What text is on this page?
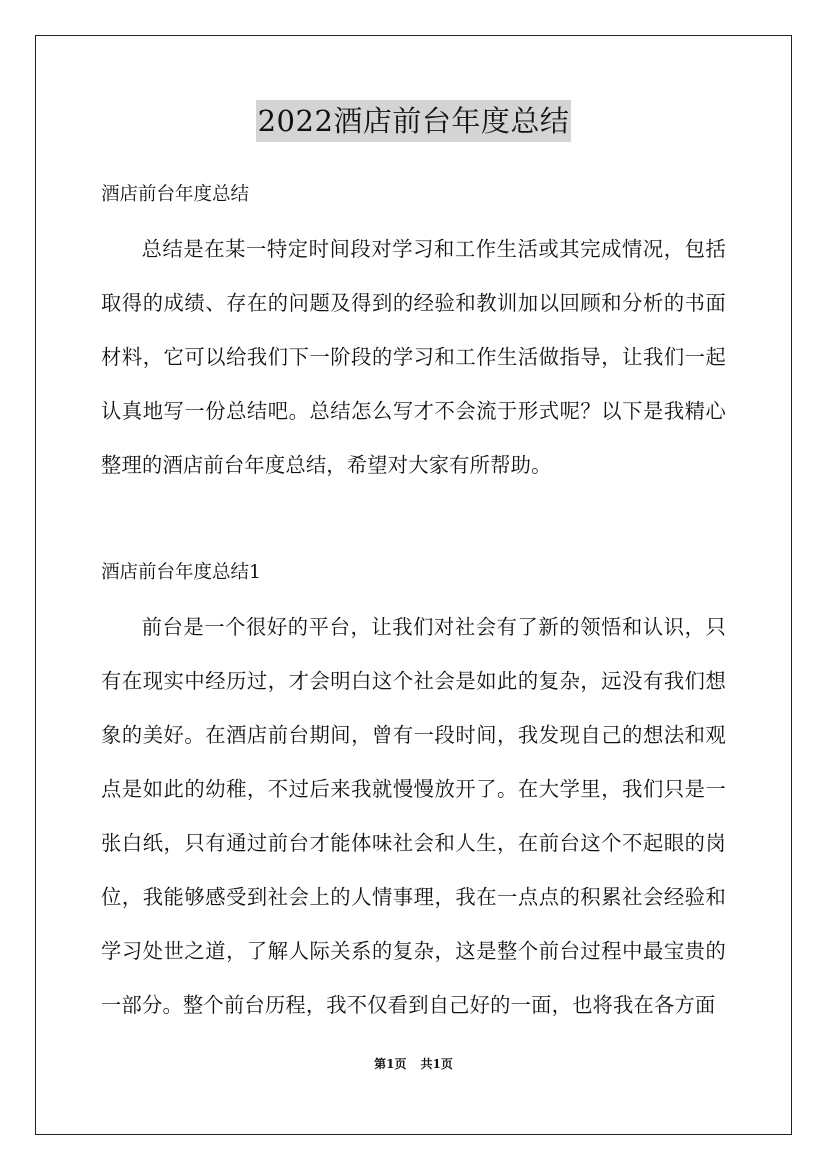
2022酒店前台年度总结

酒店前台年度总结

总结是在某一特定时间段对学习和工作生活或其完成情况，包括取得的成绩、存在的问题及得到的经验和教训加以回顾和分析的书面材料，它可以给我们下一阶段的学习和工作生活做指导，让我们一起认真地写一份总结吧。总结怎么写才不会流于形式呢？以下是我精心整理的酒店前台年度总结，希望对大家有所帮助。

酒店前台年度总结1

前台是一个很好的平台，让我们对社会有了新的领悟和认识，只有在现实中经历过，才会明白这个社会是如此的复杂，远没有我们想象的美好。在酒店前台期间，曾有一段时间，我发现自己的想法和观点是如此的幼稚，不过后来我就慢慢放开了。在大学里，我们只是一张白纸，只有通过前台才能体味社会和人生，在前台这个不起眼的岗位，我能够感受到社会上的人情事理，我在一点点的积累社会经验和学习处世之道，了解人际关系的复杂，这是整个前台过程中最宝贵的一部分。整个前台历程，我不仅看到自己好的一面，也将我在各方面

第1页 共1页
